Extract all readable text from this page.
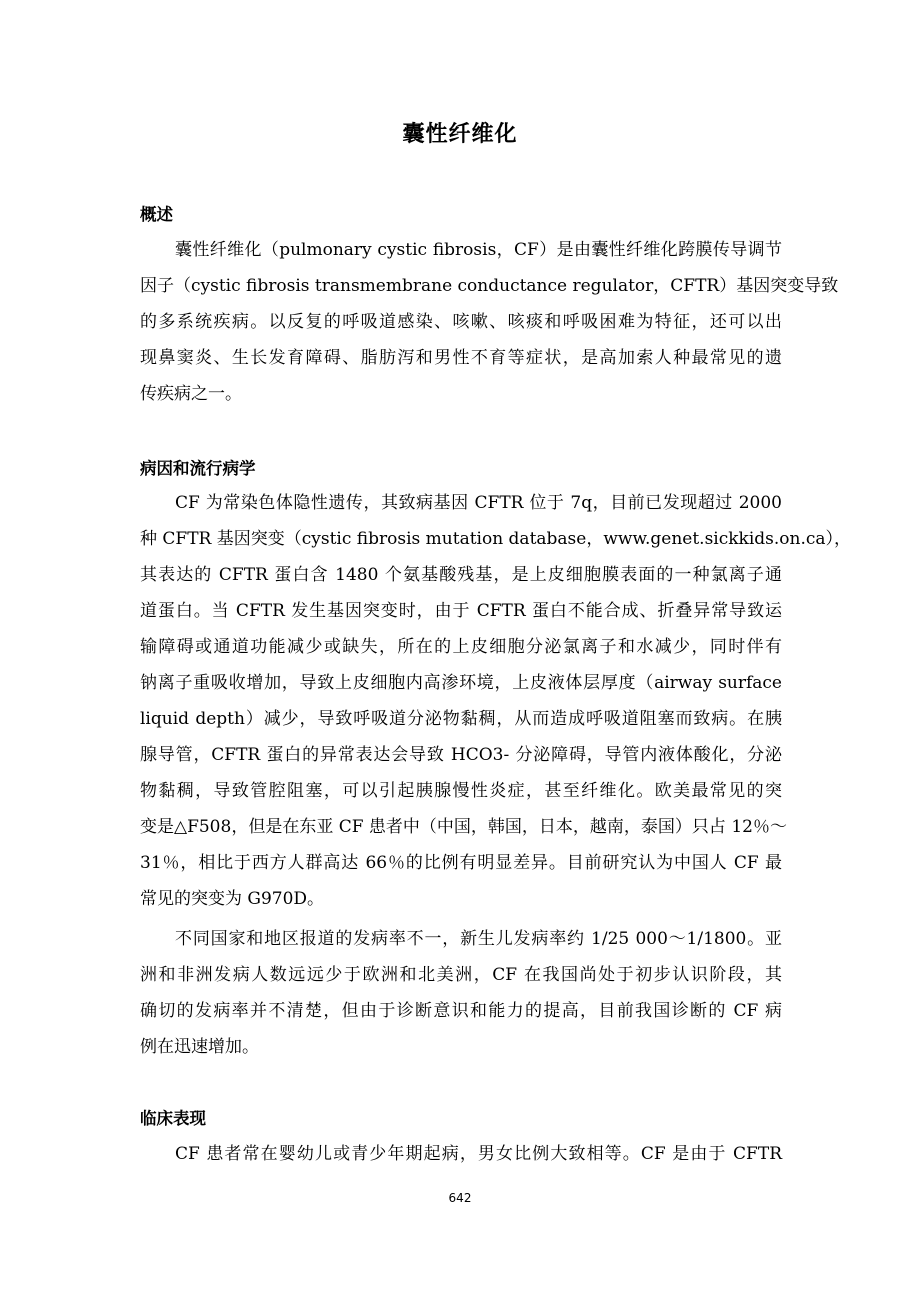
囊性纤维化
概述
囊性纤维化（pulmonary cystic fibrosis，CF）是由囊性纤维化跨膜传导调节
因子（cystic fibrosis transmembrane conductance regulator，CFTR）基因突变导致
的多系统疾病。以反复的呼吸道感染、咳嗽、咳痰和呼吸困难为特征，还可以出
现鼻窦炎、生长发育障碍、脂肪泻和男性不育等症状，是高加索人种最常见的遗
传疾病之一。
病因和流行病学
CF 为常染色体隐性遗传，其致病基因 CFTR 位于 7q，目前已发现超过 2000
种 CFTR 基因突变（cystic fibrosis mutation database，www.genet.sickkids.on.ca），
其表达的 CFTR 蛋白含 1480 个氨基酸残基，是上皮细胞膜表面的一种氯离子通
道蛋白。当 CFTR 发生基因突变时，由于 CFTR 蛋白不能合成、折叠异常导致运
输障碍或通道功能减少或缺失，所在的上皮细胞分泌氯离子和水减少，同时伴有
钠离子重吸收增加，导致上皮细胞内高渗环境，上皮液体层厚度（airway surface
liquid depth）减少，导致呼吸道分泌物黏稠，从而造成呼吸道阻塞而致病。在胰
腺导管，CFTR 蛋白的异常表达会导致 HCO3- 分泌障碍，导管内液体酸化，分泌
物黏稠，导致管腔阻塞，可以引起胰腺慢性炎症，甚至纤维化。欧美最常见的突
变是△F508，但是在东亚 CF 患者中（中国，韩国，日本，越南，泰国）只占 12％～
31％，相比于西方人群高达 66％的比例有明显差异。目前研究认为中国人 CF 最
常见的突变为 G970D。
不同国家和地区报道的发病率不一，新生儿发病率约 1/25 000～1/1800。亚
洲和非洲发病人数远远少于欧洲和北美洲，CF 在我国尚处于初步认识阶段，其
确切的发病率并不清楚，但由于诊断意识和能力的提高，目前我国诊断的 CF 病
例在迅速增加。
临床表现
CF 患者常在婴幼儿或青少年期起病，男女比例大致相等。CF 是由于 CFTR
642
